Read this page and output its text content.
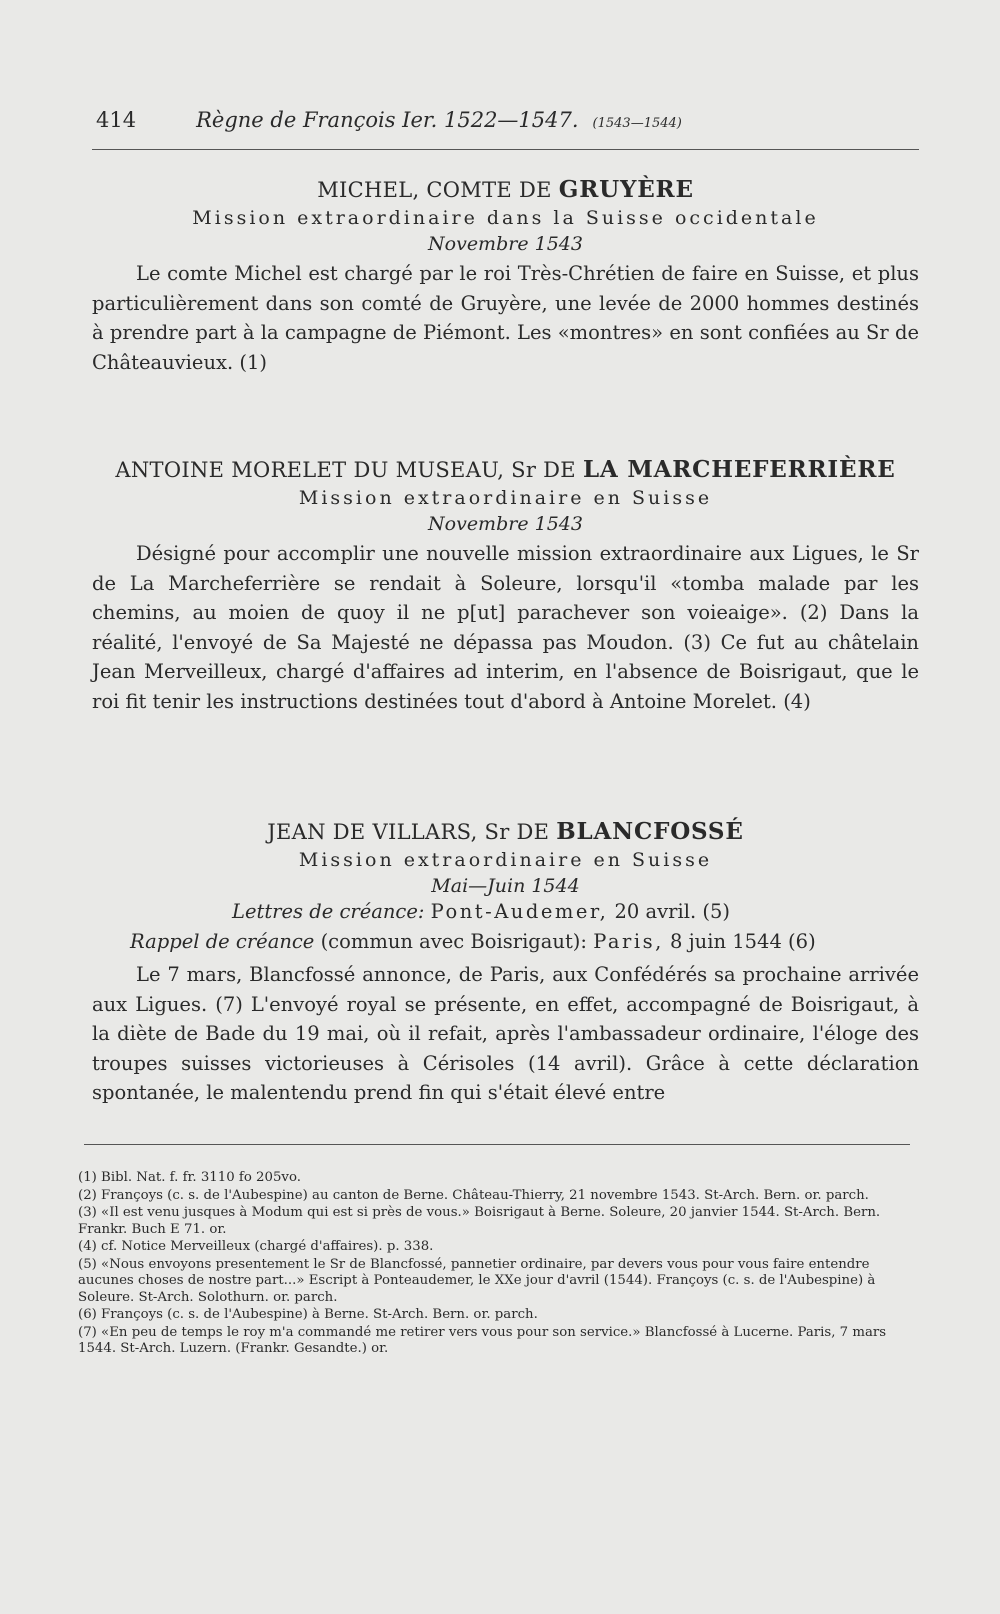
414	Règne de François Ier. 1522—1547. (1543—1544)
MICHEL, COMTE DE GRUYÈRE
Mission extraordinaire dans la Suisse occidentale
Novembre 1543

Le comte Michel est chargé par le roi Très-Chrétien de faire en Suisse, et plus particulièrement dans son comté de Gruyère, une levée de 2000 hommes destinés à prendre part à la campagne de Piémont. Les «montres» en sont confiées au Sr de Châteauvieux. (1)

ANTOINE MORELET DU MUSEAU, Sr DE LA MARCHEFERRIÈRE
Mission extraordinaire en Suisse
Novembre 1543

Désigné pour accomplir une nouvelle mission extraordinaire aux Ligues, le Sr de La Marcheferrière se rendait à Soleure, lorsqu'il «tomba malade par les chemins, au moien de quoy il ne p[ut] parachever son voieaige». (2) Dans la réalité, l'envoyé de Sa Majesté ne dépassa pas Moudon. (3) Ce fut au châtelain Jean Merveilleux, chargé d'affaires ad interim, en l'absence de Boisrigaut, que le roi fit tenir les instructions destinées tout d'abord à Antoine Morelet. (4)

JEAN DE VILLARS, Sr DE BLANCFOSSÉ
Mission extraordinaire en Suisse
Mai—Juin 1544
Lettres de créance: Pont-Audemer, 20 avril. (5)
Rappel de créance (commun avec Boisrigaut): Paris, 8 juin 1544 (6)

Le 7 mars, Blancfossé annonce, de Paris, aux Confédérés sa prochaine arrivée aux Ligues. (7) L'envoyé royal se présente, en effet, accompagné de Boisrigaut, à la diète de Bade du 19 mai, où il refait, après l'ambassadeur ordinaire, l'éloge des troupes suisses victorieuses à Cérisoles (14 avril). Grâce à cette déclaration spontanée, le malentendu prend fin qui s'était élevé entre

(1) Bibl. Nat. f. fr. 3110 fo 205vo.

(2) Françoys (c. s. de l'Aubespine) au canton de Berne. Château-Thierry, 21 novembre 1543. St-Arch. Bern. or. parch.

(3) «Il est venu jusques à Modum qui est si près de vous.» Boisrigaut à Berne. Soleure, 20 janvier 1544. St-Arch. Bern. Frankr. Buch E 71. or.

(4) cf. Notice Merveilleux (chargé d'affaires). p. 338.

(5) «Nous envoyons presentement le Sr de Blancfossé, pannetier ordinaire, par devers vous pour vous faire entendre aucunes choses de nostre part...» Escript à Ponteaudemer, le XXe jour d'avril (1544). Françoys (c. s. de l'Aubespine) à Soleure. St-Arch. Solothurn. or. parch.

(6) Françoys (c. s. de l'Aubespine) à Berne. St-Arch. Bern. or. parch.

(7) «En peu de temps le roy m'a commandé me retirer vers vous pour son service.» Blancfossé à Lucerne. Paris, 7 mars 1544. St-Arch. Luzern. (Frankr. Gesandte.) or.
